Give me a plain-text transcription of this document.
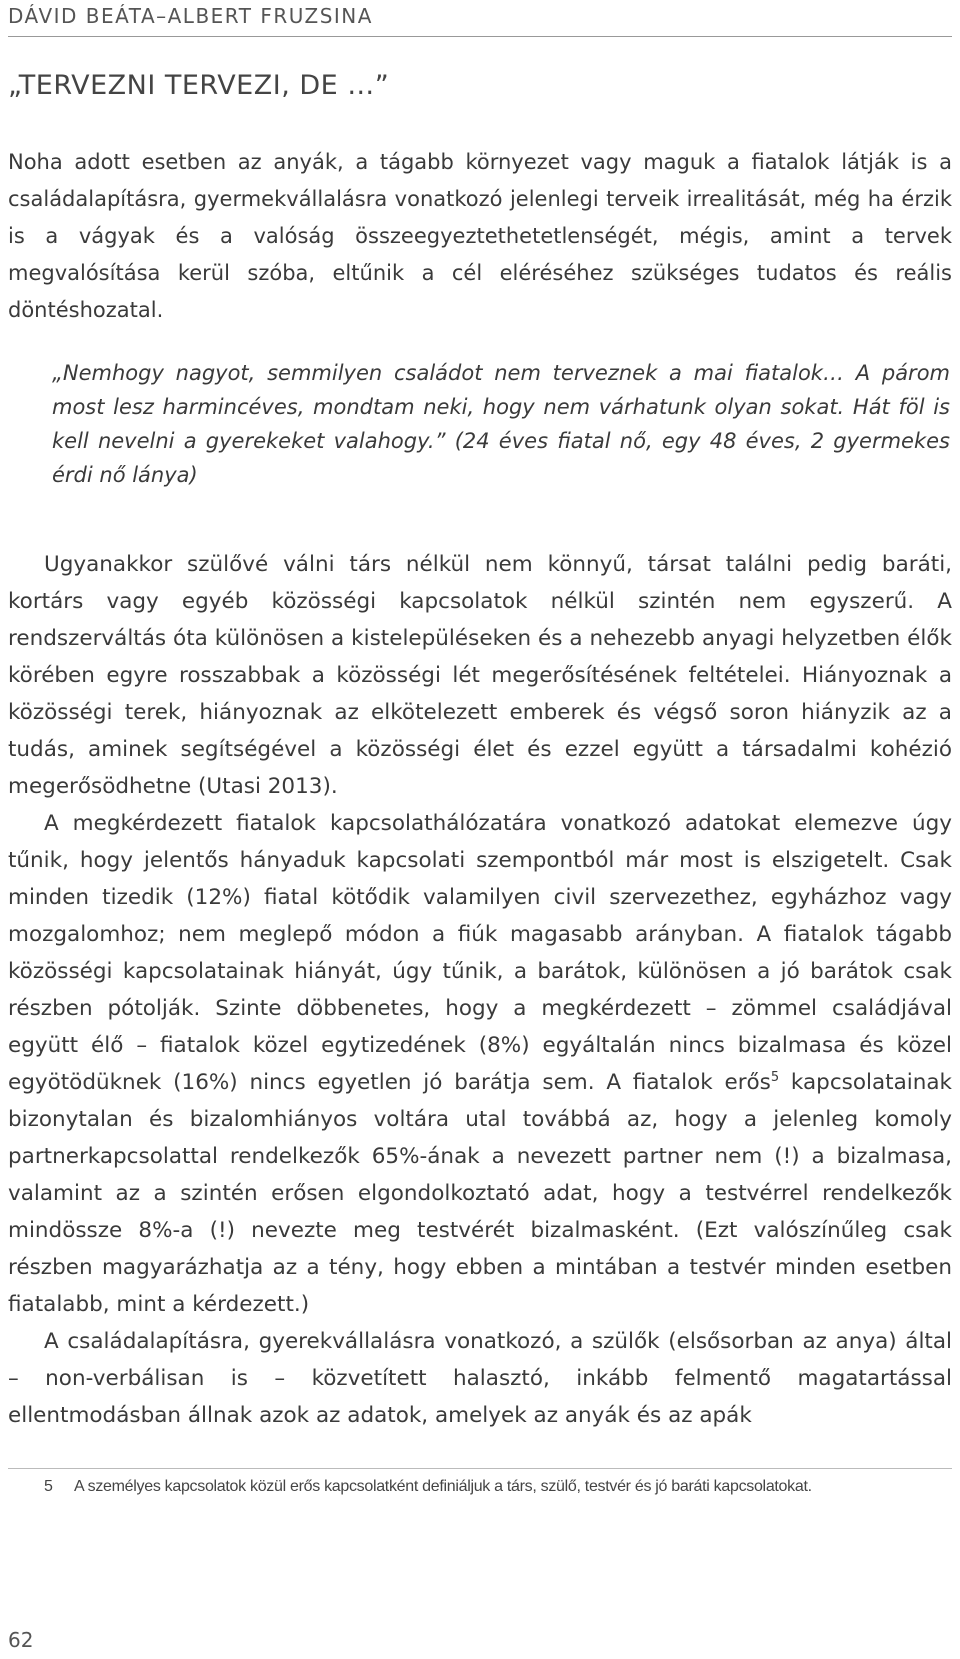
DÁVID BEÁTA–ALBERT FRUZSINA
„TERVEZNI TERVEZI, DE …”

Noha adott esetben az anyák, a tágabb környezet vagy maguk a fiatalok látják is a családalapításra, gyermekvállalásra vonatkozó jelenlegi terveik irrealitását, még ha érzik is a vágyak és a valóság összeegyeztethetetlenségét, mégis, amint a tervek megvalósítása kerül szóba, eltűnik a cél eléréséhez szükséges tudatos és reális döntéshozatal.

„Nemhogy nagyot, semmilyen családot nem terveznek a mai fiatalok… A párom most lesz harmincéves, mondtam neki, hogy nem várhatunk olyan sokat. Hát föl is kell nevelni a gyerekeket valahogy.” (24 éves fiatal nő, egy 48 éves, 2 gyermekes érdi nő lánya)

Ugyanakkor szülővé válni társ nélkül nem könnyű, társat találni pedig baráti, kortárs vagy egyéb közösségi kapcsolatok nélkül szintén nem egyszerű. A rendszerváltás óta különösen a kistelepüléseken és a nehezebb anyagi helyzetben élők körében egyre rosszabbak a közösségi lét megerősítésének feltételei. Hiányoznak a közösségi terek, hiányoznak az elkötelezett emberek és végső soron hiányzik az a tudás, aminek segítségével a közösségi élet és ezzel együtt a társadalmi kohézió megerősödhetne (Utasi 2013).

A megkérdezett fiatalok kapcsolathálózatára vonatkozó adatokat elemezve úgy tűnik, hogy jelentős hányaduk kapcsolati szempontból már most is elszigetelt. Csak minden tizedik (12%) fiatal kötődik valamilyen civil szervezethez, egyházhoz vagy mozgalomhoz; nem meglepő módon a fiúk magasabb arányban. A fiatalok tágabb közösségi kapcsolatainak hiányát, úgy tűnik, a barátok, különösen a jó barátok csak részben pótolják. Szinte döbbenetes, hogy a megkérdezett – zömmel családjával együtt élő – fiatalok közel egytizedének (8%) egyáltalán nincs bizalmasa és közel egyötödüknek (16%) nincs egyetlen jó barátja sem. A fiatalok erős$^5$ kapcsolatainak bizonytalan és bizalomhiányos voltára utal továbbá az, hogy a jelenleg komoly partnerkapcsolattal rendelkezők 65%-ának a nevezett partner nem (!) a bizalmasa, valamint az a szintén erősen elgondolkoztató adat, hogy a testvérrel rendelkezők mindössze 8%-a (!) nevezte meg testvérét bizalmasként. (Ezt valószínűleg csak részben magyarázhatja az a tény, hogy ebben a mintában a testvér minden esetben fiatalabb, mint a kérdezett.)

A családalapításra, gyerekvállalásra vonatkozó, a szülők (elsősorban az anya) által – non-verbálisan is – közvetített halasztó, inkább felmentő magatartással ellentmodásban állnak azok az adatok, amelyek az anyák és az apák

5 A személyes kapcsolatok közül erős kapcsolatként definiáljuk a társ, szülő, testvér és jó baráti kapcsolatokat.
62
